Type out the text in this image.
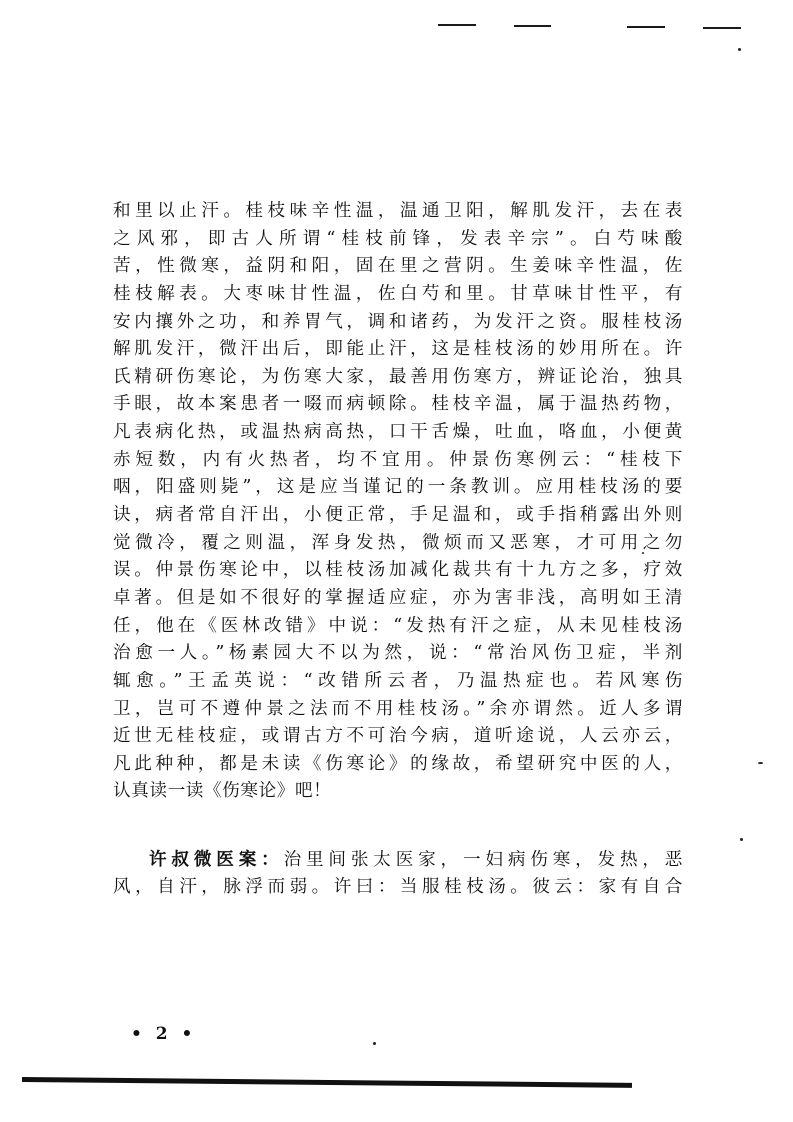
和里以止汗。桂枝味辛性温，温通卫阳，解肌发汗，去在表
之风邪，即古人所谓“桂枝前锋，发表辛宗”。白芍味酸
苦，性微寒，益阴和阳，固在里之营阴。生姜味辛性温，佐
桂枝解表。大枣味甘性温，佐白芍和里。甘草味甘性平，有
安内攘外之功，和养胃气，调和诸药，为发汗之资。服桂枝汤
解肌发汗，微汗出后，即能止汗，这是桂枝汤的妙用所在。许
氏精研伤寒论，为伤寒大家，最善用伤寒方，辨证论治，独具
手眼，故本案患者一啜而病顿除。桂枝辛温，属于温热药物，
凡表病化热，或温热病高热，口干舌燥，吐血，咯血，小便黄
赤短数，内有火热者，均不宜用。仲景伤寒例云：“桂枝下
咽，阳盛则毙”，这是应当谨记的一条教训。应用桂枝汤的要
诀，病者常自汗出，小便正常，手足温和，或手指稍露出外则
觉微冷，覆之则温，浑身发热，微烦而又恶寒，才可用之勿
误。仲景伤寒论中，以桂枝汤加减化裁共有十九方之多，疗效
卓著。但是如不很好的掌握适应症，亦为害非浅，高明如王清
任，他在《医林改错》中说：“发热有汗之症，从未见桂枝汤
治愈一人。”杨素园大不以为然，说：“常治风伤卫症，半剂
辄愈。”王孟英说：“改错所云者，乃温热症也。若风寒伤
卫，岂可不遵仲景之法而不用桂枝汤。”余亦谓然。近人多谓
近世无桂枝症，或谓古方不可治今病，道听途说，人云亦云，
凡此种种，都是未读《伤寒论》的缘故，希望研究中医的人，
认真读一读《伤寒论》吧！
许叔微医案：治里间张太医家，一妇病伤寒，发热，恶
风，自汗，脉浮而弱。许曰：当服桂枝汤。彼云：家有自合
• 2 •
